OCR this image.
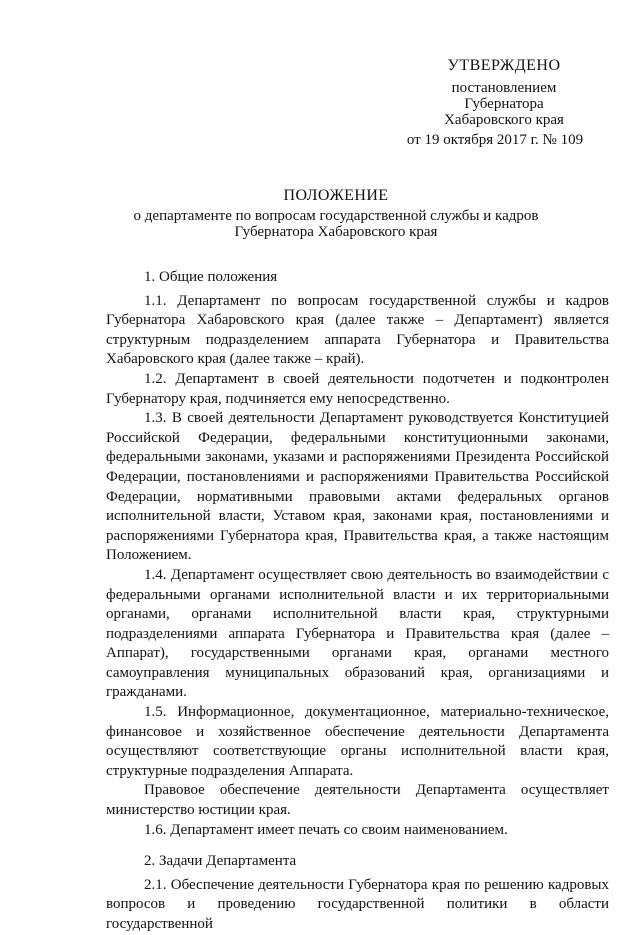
УТВЕРЖДЕНО
постановлением
Губернатора
Хабаровского края
от 19 октября 2017 г. № 109
ПОЛОЖЕНИЕ
о департаменте по вопросам государственной службы и кадров
Губернатора Хабаровского края
1. Общие положения

1.1. Департамент по вопросам государственной службы и кадров Губернатора Хабаровского края (далее также – Департамент) является структурным подразделением аппарата Губернатора и Правительства Хабаровского края (далее также – край).

1.2. Департамент в своей деятельности подотчетен и подконтролен Губернатору края, подчиняется ему непосредственно.

1.3. В своей деятельности Департамент руководствуется Конституцией Российской Федерации, федеральными конституционными законами, федеральными законами, указами и распоряжениями Президента Российской Федерации, постановлениями и распоряжениями Правительства Российской Федерации, нормативными правовыми актами федеральных органов исполнительной власти, Уставом края, законами края, постановлениями и распоряжениями Губернатора края, Правительства края, а также настоящим Положением.

1.4. Департамент осуществляет свою деятельность во взаимодействии с федеральными органами исполнительной власти и их территориальными органами, органами исполнительной власти края, структурными подразделениями аппарата Губернатора и Правительства края (далее – Аппарат), государственными органами края, органами местного самоуправления муниципальных образований края, организациями и гражданами.

1.5. Информационное, документационное, материально-техническое, финансовое и хозяйственное обеспечение деятельности Департамента осуществляют соответствующие органы исполнительной власти края, структурные подразделения Аппарата.

Правовое обеспечение деятельности Департамента осуществляет министерство юстиции края.

1.6. Департамент имеет печать со своим наименованием.

2. Задачи Департамента

2.1. Обеспечение деятельности Губернатора края по решению кадровых вопросов и проведению государственной политики в области государственной
